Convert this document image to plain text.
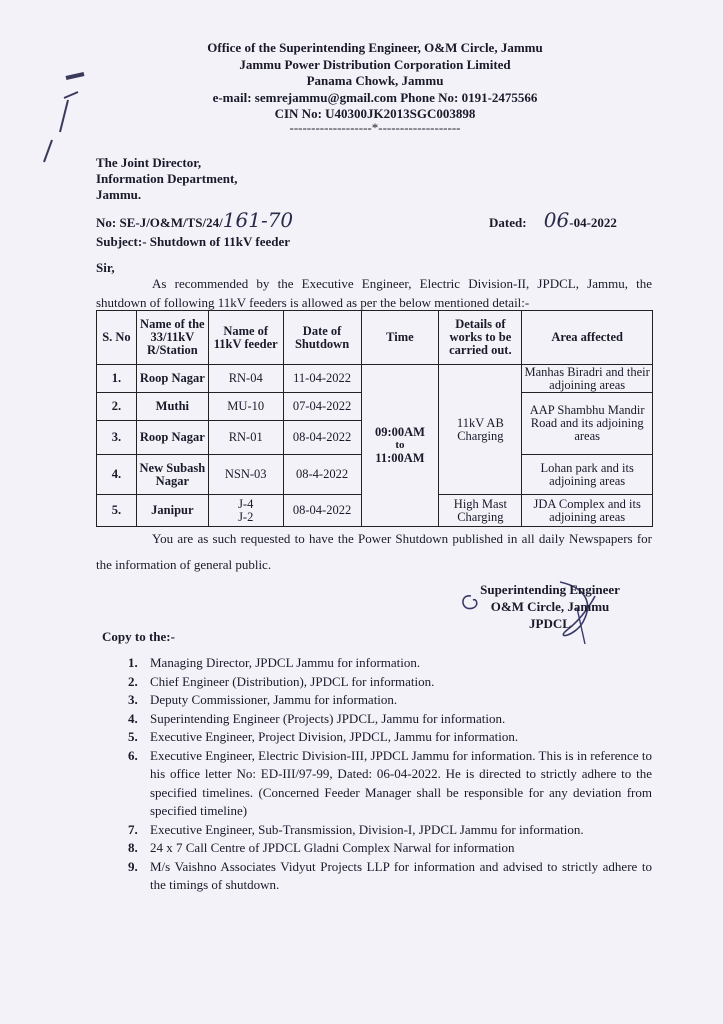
Office of the Superintending Engineer, O&M Circle, Jammu
Jammu Power Distribution Corporation Limited
Panama Chowk, Jammu
e-mail: semrejammu@gmail.com Phone No: 0191-2475566
CIN No: U40300JK2013SGC003898
-------------------*-------------------
The Joint Director,
Information Department,
Jammu.
No: SE-J/O&M/TS/24/161-70	Dated: 06-04-2022
Subject:- Shutdown of 11kV feeder
Sir,
As recommended by the Executive Engineer, Electric Division-II, JPDCL, Jammu, the shutdown of following 11kV feeders is allowed as per the below mentioned detail:-
S. No	Name of the 33/11kV R/Station	Name of 11kV feeder	Date of Shutdown	Time	Details of works to be carried out.	Area affected
1.	Roop Nagar	RN-04	11-04-2022	09:00AM
to
11:00AM	11kV AB Charging	Manhas Biradri and their adjoining areas
2.	Muthi	MU-10	07-04-2022			AAP Shambhu Mandir Road and its adjoining areas
3.	Roop Nagar	RN-01	08-04-2022			
4.	New Subash Nagar	NSN-03	08-4-2022			Lohan park and its adjoining areas
5.	Janipur	J-4
J-2	08-04-2022		High Mast Charging	JDA Complex and its adjoining areas
You are as such requested to have the Power Shutdown published in all daily Newspapers for the information of general public.
Superintending Engineer
O&M Circle, Jammu
JPDCL
Copy to the:-
1. Managing Director, JPDCL Jammu for information.
2. Chief Engineer (Distribution), JPDCL for information.
3. Deputy Commissioner, Jammu for information.
4. Superintending Engineer (Projects) JPDCL, Jammu for information.
5. Executive Engineer, Project Division, JPDCL, Jammu for information.
6. Executive Engineer, Electric Division-III, JPDCL Jammu for information. This is in reference to his office letter No: ED-III/97-99, Dated: 06-04-2022. He is directed to strictly adhere to the specified timelines. (Concerned Feeder Manager shall be responsible for any deviation from specified timeline)
7. Executive Engineer, Sub-Transmission, Division-I, JPDCL Jammu for information.
8. 24 x 7 Call Centre of JPDCL Gladni Complex Narwal for information
9. M/s Vaishno Associates Vidyut Projects LLP for information and advised to strictly adhere to the timings of shutdown.
